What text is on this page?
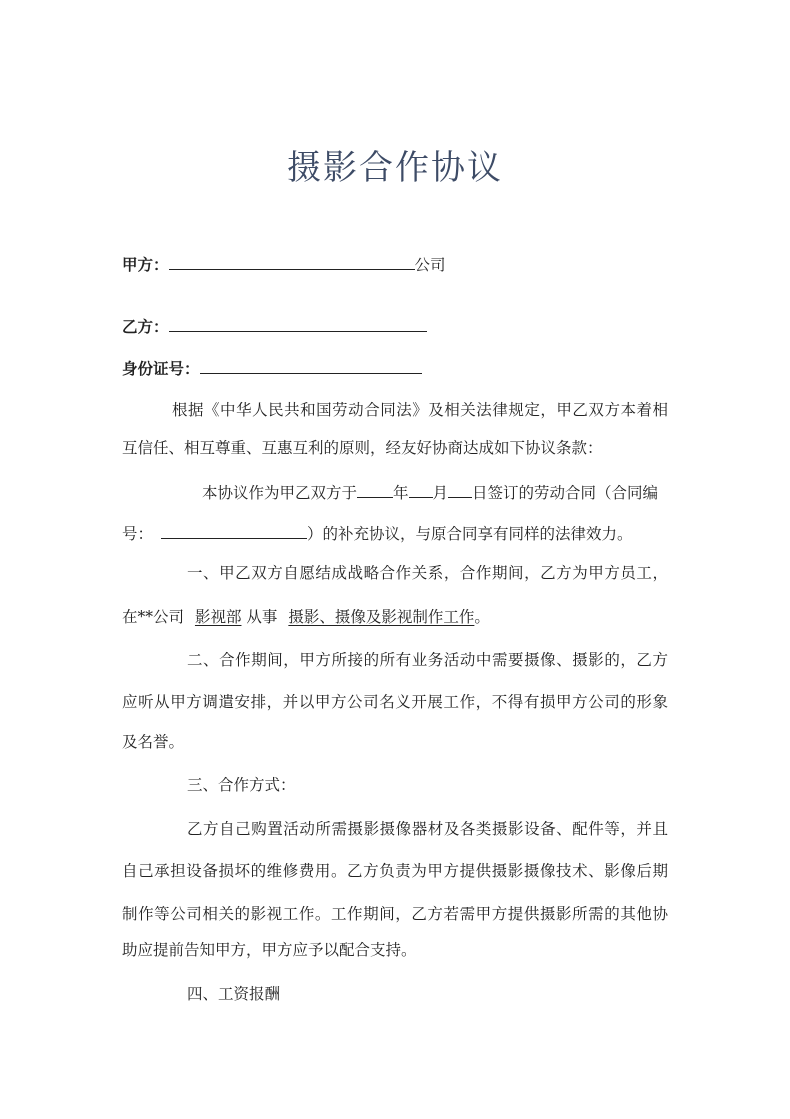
摄影合作协议
甲方：	公司
乙方：
身份证号：
根据《中华人民共和国劳动合同法》及相关法律规定，甲乙双方本着相
互信任、相互尊重、互惠互利的原则，经友好协商达成如下协议条款：
本协议作为甲乙双方于 年 月 日签订的劳动合同（合同编
号：	）的补充协议，与原合同享有同样的法律效力。
一、甲乙双方自愿结成战略合作关系，合作期间，乙方为甲方员工，
在**公司 影视部 从事 摄影、摄像及影视制作工作。
二、合作期间，甲方所接的所有业务活动中需要摄像、摄影的，乙方
应听从甲方调遣安排，并以甲方公司名义开展工作，不得有损甲方公司的形象
及名誉。
三、合作方式：
乙方自己购置活动所需摄影摄像器材及各类摄影设备、配件等，并且
自己承担设备损坏的维修费用。乙方负责为甲方提供摄影摄像技术、影像后期
制作等公司相关的影视工作。工作期间，乙方若需甲方提供摄影所需的其他协
助应提前告知甲方，甲方应予以配合支持。
四、工资报酬
